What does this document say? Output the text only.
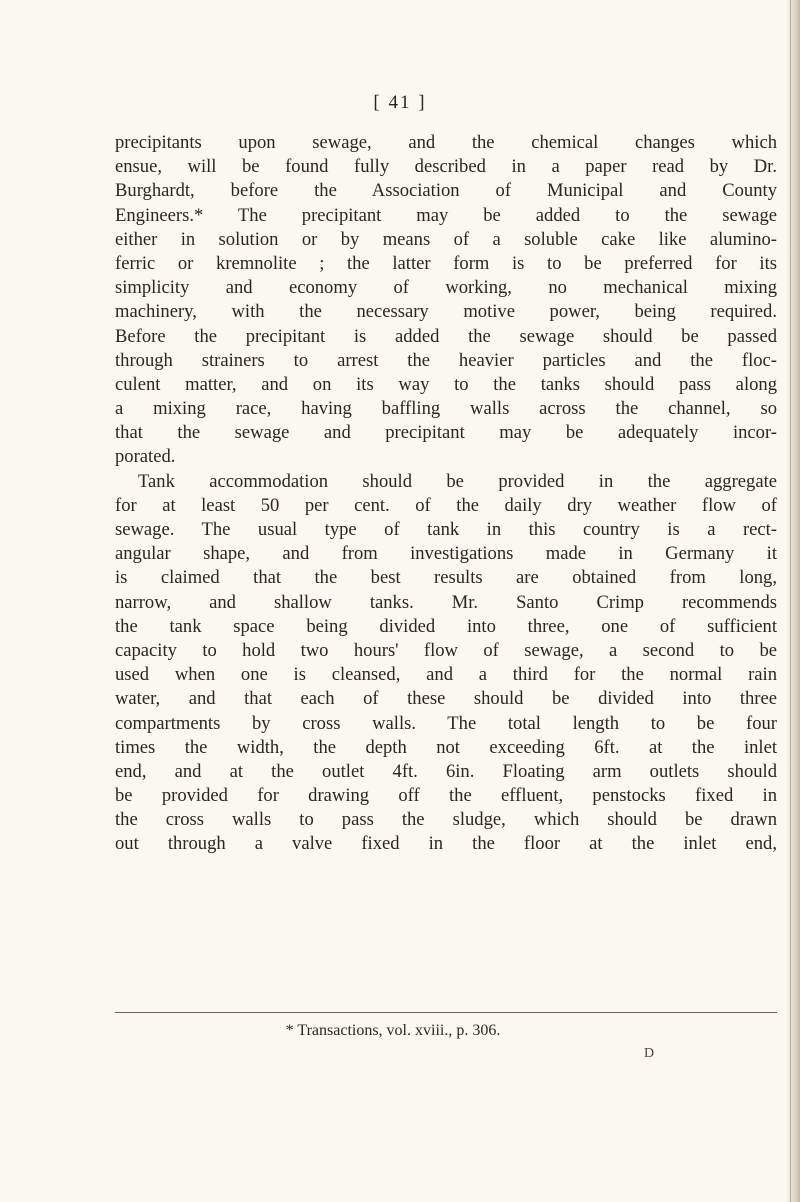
[ 41 ]
precipitants upon sewage, and the chemical changes which
ensue, will be found fully described in a paper read by Dr.
Burghardt, before the Association of Municipal and County
Engineers.* The precipitant may be added to the sewage
either in solution or by means of a soluble cake like alumino-
ferric or kremnolite ; the latter form is to be preferred for its
simplicity and economy of working, no mechanical mixing
machinery, with the necessary motive power, being required.
Before the precipitant is added the sewage should be passed
through strainers to arrest the heavier particles and the floc-
culent matter, and on its way to the tanks should pass along
a mixing race, having baffling walls across the channel, so
that the sewage and precipitant may be adequately incor-
porated.
Tank accommodation should be provided in the aggregate
for at least 50 per cent. of the daily dry weather flow of
sewage. The usual type of tank in this country is a rect-
angular shape, and from investigations made in Germany it
is claimed that the best results are obtained from long,
narrow, and shallow tanks. Mr. Santo Crimp recommends
the tank space being divided into three, one of sufficient
capacity to hold two hours' flow of sewage, a second to be
used when one is cleansed, and a third for the normal rain
water, and that each of these should be divided into three
compartments by cross walls. The total length to be four
times the width, the depth not exceeding 6ft. at the inlet
end, and at the outlet 4ft. 6in. Floating arm outlets should
be provided for drawing off the effluent, penstocks fixed in
the cross walls to pass the sludge, which should be drawn
out through a valve fixed in the floor at the inlet end,
* Transactions, vol. xviii., p. 306.
D
